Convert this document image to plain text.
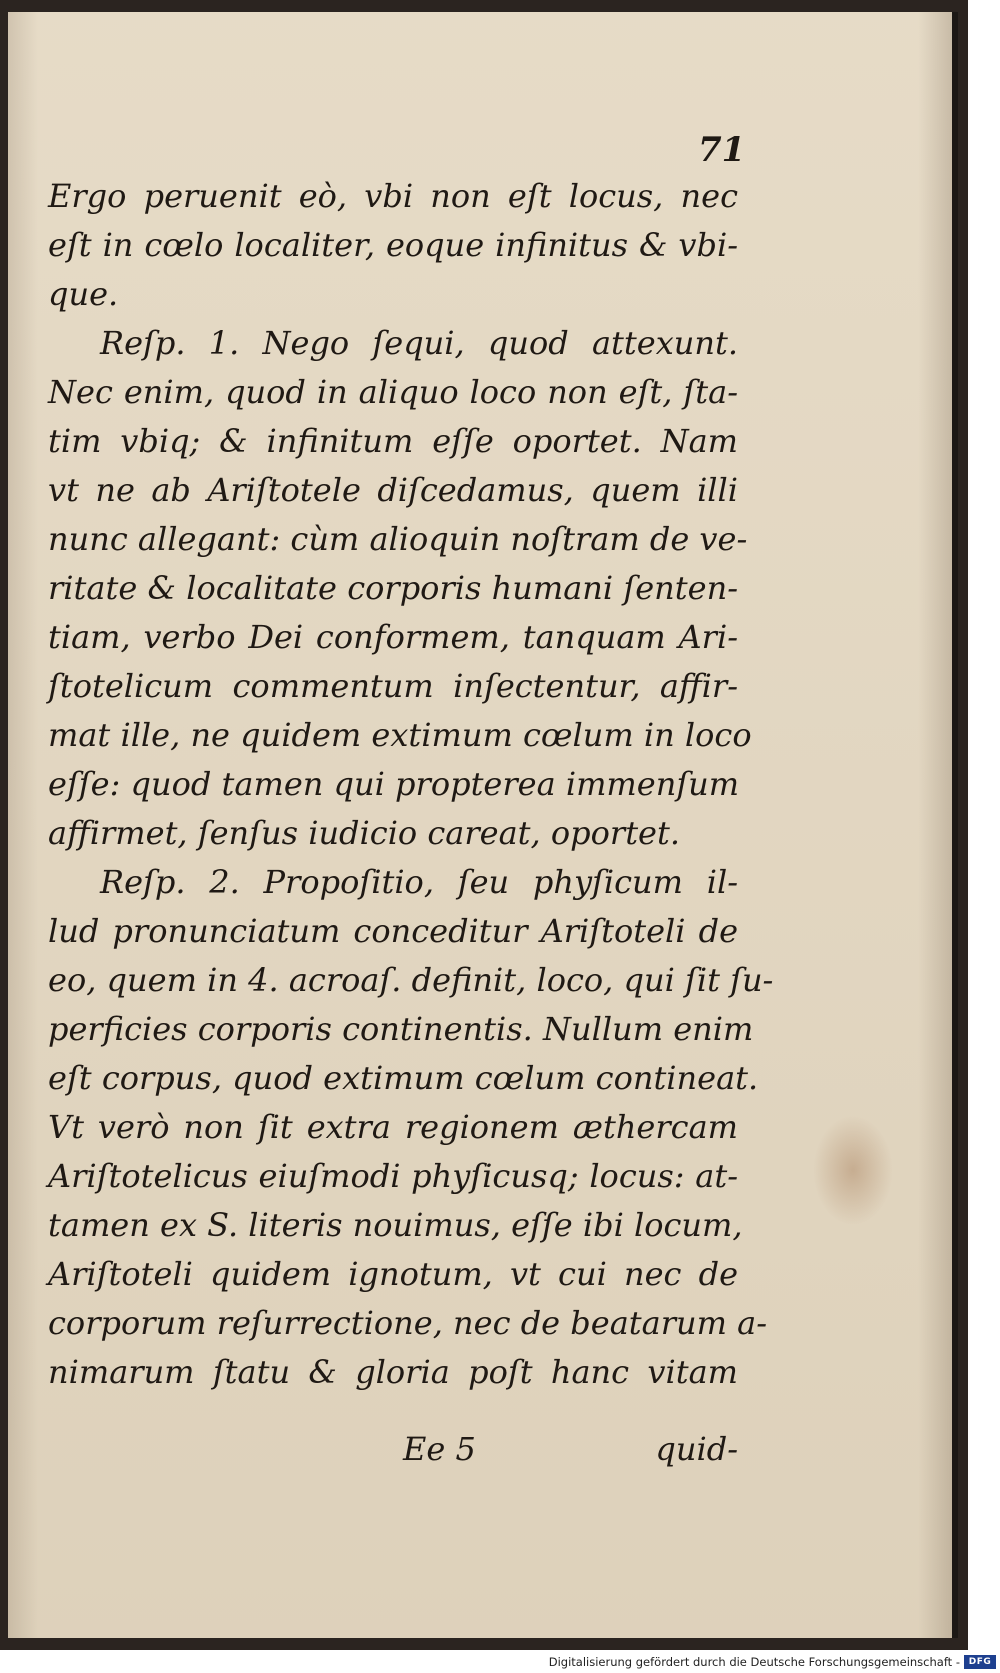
71
Ergo peruenit eò, vbi non eſt locus, nec
eſt in cœlo localiter, eoque infinitus & vbi-
que.
Reſp. 1. Nego ſequi, quod attexunt.
Nec enim, quod in aliquo loco non eſt, ſta-
tim vbiq; & infinitum eſſe oportet. Nam
vt ne ab Ariſtotele diſcedamus, quem illi
nunc allegant: cùm alioquin noſtram de ve-
ritate & localitate corporis humani ſenten-
tiam, verbo Dei conformem, tanquam Ari-
ſtotelicum commentum inſectentur, affir-
mat ille, ne quidem extimum cœlum in loco
eſſe: quod tamen qui propterea immenſum
affirmet, ſenſus iudicio careat, oportet.
Reſp. 2. Propoſitio, ſeu phyſicum il-
lud pronunciatum conceditur Ariſtoteli de
eo, quem in 4. acroaſ. definit, loco, qui ſit ſu-
perficies corporis continentis. Nullum enim
eſt corpus, quod extimum cœlum contineat.
Vt verò non ſit extra regionem æthercam
Ariſtotelicus eiuſmodi phyſicusq; locus: at-
tamen ex S. literis nouimus, eſſe ibi locum,
Ariſtoteli quidem ignotum, vt cui nec de
corporum reſurrectione, nec de beatarum a-
nimarum ſtatu & gloria poſt hanc vitam
Ee 5	quid-
Digitalisierung gefördert durch die Deutsche Forschungsgemeinschaft - DFG
